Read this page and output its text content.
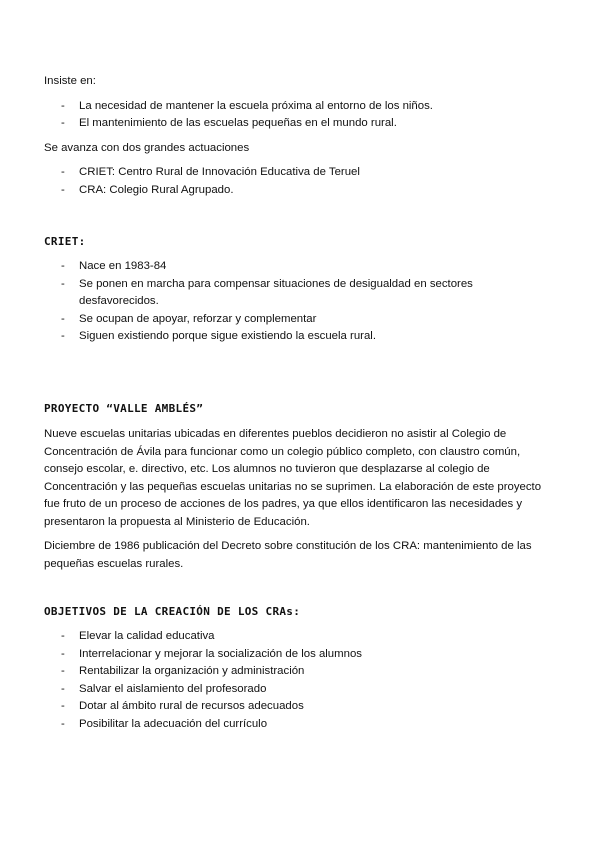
Insiste en:

- La necesidad de mantener la escuela próxima al entorno de los niños.
- El mantenimiento de las escuelas pequeñas en el mundo rural.

Se avanza con dos grandes actuaciones

- CRIET: Centro Rural de Innovación Educativa de Teruel
- CRA: Colegio Rural Agrupado.
CRIET:
- Nace en 1983-84
- Se ponen en marcha para compensar situaciones de desigualdad en sectores desfavorecidos.
- Se ocupan de apoyar, reforzar y complementar
- Siguen existiendo porque sigue existiendo la escuela rural.
PROYECTO “VALLE AMBLÉS”

Nueve escuelas unitarias ubicadas en diferentes pueblos decidieron no asistir al Colegio de Concentración de Ávila para funcionar como un colegio público completo, con claustro común, consejo escolar, e. directivo, etc. Los alumnos no tuvieron que desplazarse al colegio de Concentración y las pequeñas escuelas unitarias no se suprimen. La elaboración de este proyecto fue fruto de un proceso de acciones de los padres, ya que ellos identificaron las necesidades y presentaron la propuesta al Ministerio de Educación.

Diciembre de 1986 publicación del Decreto sobre constitución de los CRA: mantenimiento de las pequeñas escuelas rurales.

OBJETIVOS DE LA CREACIÓN DE LOS CRAs:
- Elevar la calidad educativa
- Interrelacionar y mejorar la socialización de los alumnos
- Rentabilizar la organización y administración
- Salvar el aislamiento del profesorado
- Dotar al ámbito rural de recursos adecuados
- Posibilitar la adecuación del currículo
